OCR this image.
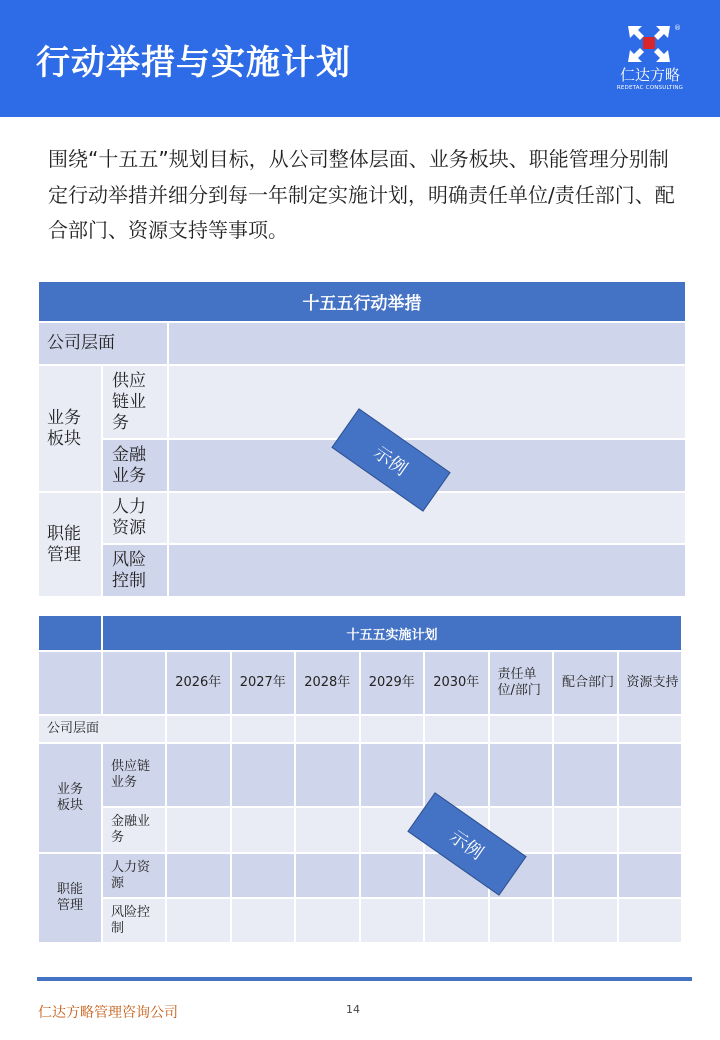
行动举措与实施计划
®
仁达方略
REDETAC CONSULTING
围绕“十五五”规划目标，从公司整体层面、业务板块、职能管理分别制定行动举措并细分到每一年制定实施计划，明确责任单位/责任部门、配合部门、资源支持等事项。
十五五行动举措		
公司层面		

业务板块	供应链业务	

	金融业务	

职能管理	人力资源	

	风险控制	

示例
	十五五实施计划								
		2026年	2027年	2028年	2029年	2030年	责任单位/部门	配合部门	资源支持
公司层面									
业务板块	供应链业务								

	金融业务								

职能管理	人力资源								

	风险控制								

示例
仁达方略管理咨询公司	14
